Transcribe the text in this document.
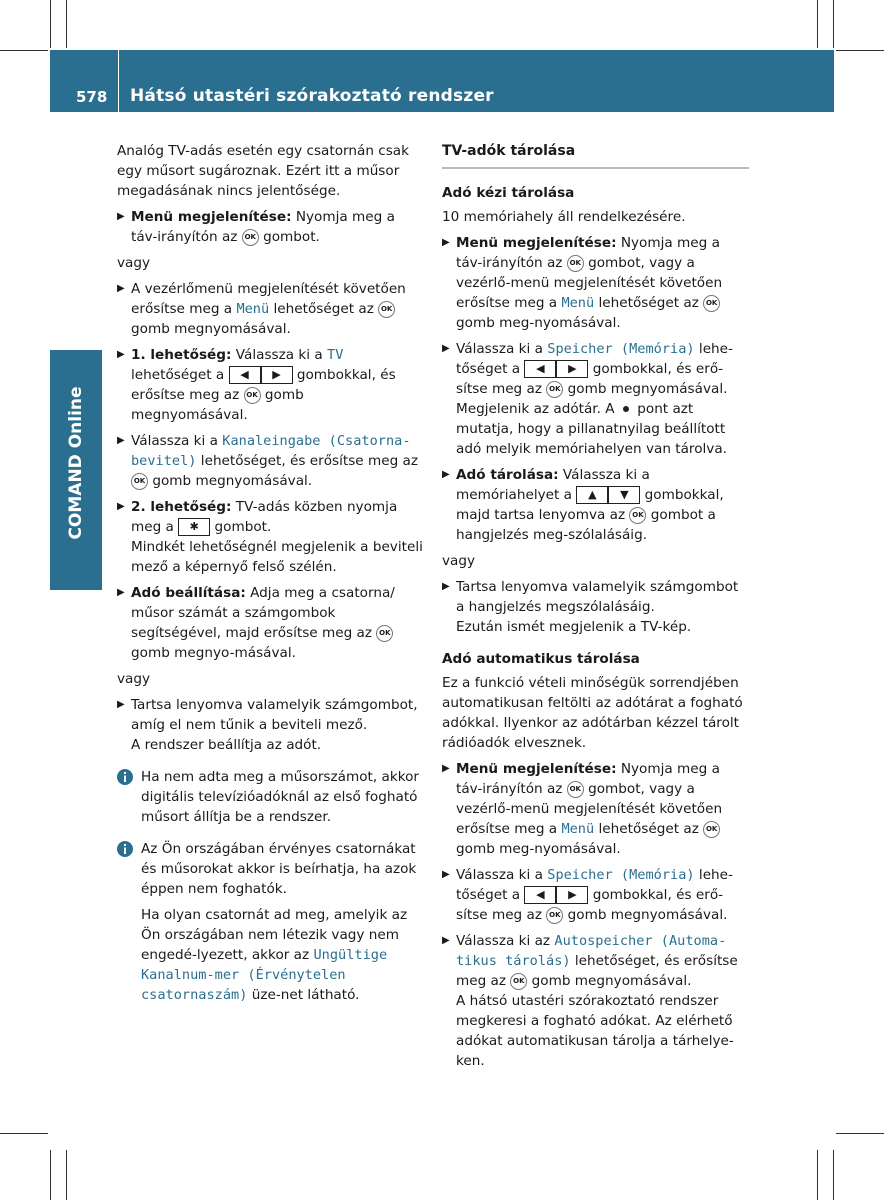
578 Hátsó utastéri szórakoztató rendszer
COMAND Online

Analóg TV-adás esetén egy csatornán csak egy műsort sugároznak. Ezért itt a műsor megadásának nincs jelentősége.

▶ Menü megjelenítése: Nyomja meg a táv-irányítón az OK gombot.
vagy
▶ A vezérlőmenü megjelenítését követően erősítse meg a Menü lehetőséget az OK gomb megnyomásával.
▶ 1. lehetőség: Válassza ki a TV lehetőséget a ◀ ▶ gombokkal, és erősítse meg az OK gomb megnyomásával.
▶ Válassza ki a Kanaleingabe (Csatorna-bevitel) lehetőséget, és erősítse meg az OK gomb megnyomásával.
▶ 2. lehetőség: TV-adás közben nyomja meg a ✱ gombot.
Mindkét lehetőségnél megjelenik a beviteli mező a képernyő felső szélén.
▶ Adó beállítása: Adja meg a csatorna/ műsor számát a számgombok segítségével, majd erősítse meg az OK gomb megnyo-másával.
vagy
▶ Tartsa lenyomva valamelyik számgombot, amíg el nem tűnik a beviteli mező.
A rendszer beállítja az adót.
Ha nem adta meg a műsorszámot, akkor digitális televízióadóknál az első fogható műsort állítja be a rendszer.
Az Ön országában érvényes csatornákat és műsorokat akkor is beírhatja, ha azok éppen nem foghatók.
Ha olyan csatornát ad meg, amelyik az Ön országában nem létezik vagy nem engedé-lyezett, akkor az Ungültige Kanalnum-mer (Érvénytelen csatornaszám) üze-net látható.
TV-adók tárolása
Adó kézi tárolása

10 memóriahely áll rendelkezésére.

▶ Menü megjelenítése: Nyomja meg a táv-irányítón az OK gombot, vagy a vezérlő-menü megjelenítését követően erősítse meg a Menü lehetőséget az OK gomb meg-nyomásával.
▶ Válassza ki a Speicher (Memória) lehe-tőséget a ◀ ▶ gombokkal, és erő-sítse meg az OK gomb megnyomásával.
Megjelenik az adótár. A  pont azt mutatja, hogy a pillanatnyilag beállított adó melyik memóriahelyen van tárolva.
▶ Adó tárolása: Válassza ki a memóriahelyet a ▲ ▼ gombokkal, majd tartsa lenyomva az OK gombot a hangjelzés meg-szólalásáig.
vagy
▶ Tartsa lenyomva valamelyik számgombot a hangjelzés megszólalásáig.
Ezután ismét megjelenik a TV-kép.
Adó automatikus tárolása

Ez a funkció vételi minőségük sorrendjében automatikusan feltölti az adótárat a fogható adókkal. Ilyenkor az adótárban kézzel tárolt rádióadók elvesznek.

▶ Menü megjelenítése: Nyomja meg a táv-irányítón az OK gombot, vagy a vezérlő-menü megjelenítését követően erősítse meg a Menü lehetőséget az OK gomb meg-nyomásával.
▶ Válassza ki a Speicher (Memória) lehe-tőséget a ◀ ▶ gombokkal, és erő-sítse meg az OK gomb megnyomásával.
▶ Válassza ki az Autospeicher (Automa-tikus tárolás) lehetőséget, és erősítse meg az OK gomb megnyomásával.
A hátsó utastéri szórakoztató rendszer megkeresi a fogható adókat. Az elérhető adókat automatikusan tárolja a tárhelye-ken.
